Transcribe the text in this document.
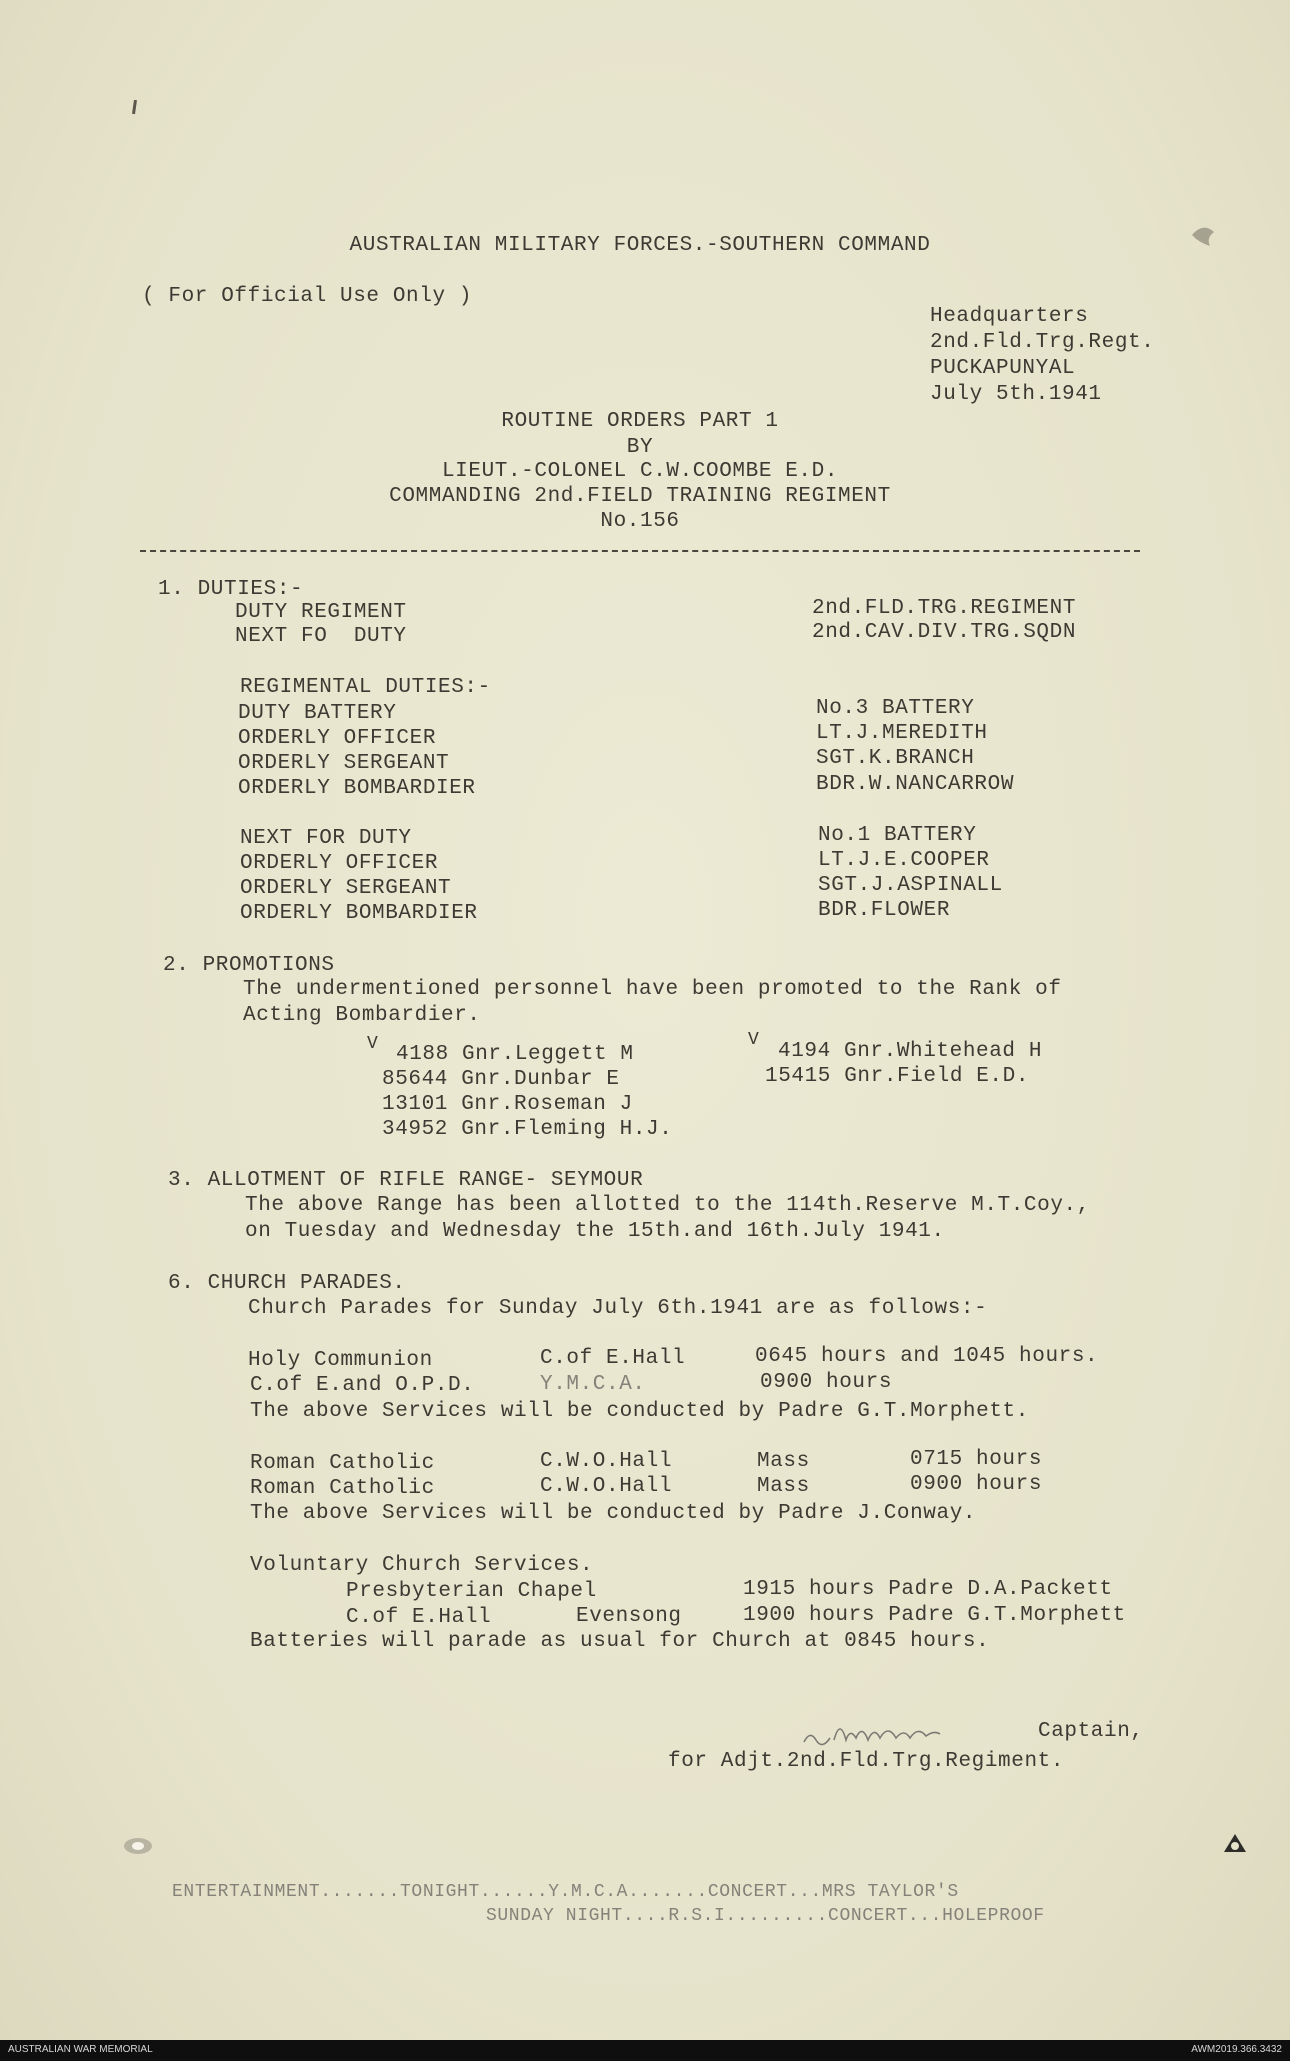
AUSTRALIAN MILITARY FORCES.-SOUTHERN COMMAND
( For Official Use Only )
Headquarters
2nd.Fld.Trg.Regt.
PUCKAPUNYAL
July 5th.1941
ROUTINE ORDERS PART 1
BY
LIEUT.-COLONEL C.W.COOMBE E.D.
COMMANDING 2nd.FIELD TRAINING REGIMENT
No.156
1. DUTIES:-
DUTY REGIMENT	2nd.FLD.TRG.REGIMENT
NEXT FO  DUTY	2nd.CAV.DIV.TRG.SQDN
REGIMENTAL DUTIES:-
DUTY BATTERY	No.3 BATTERY
ORDERLY OFFICER	LT.J.MEREDITH
ORDERLY SERGEANT	SGT.K.BRANCH
ORDERLY BOMBARDIER	BDR.W.NANCARROW
NEXT FOR DUTY	No.1 BATTERY
ORDERLY OFFICER	LT.J.E.COOPER
ORDERLY SERGEANT	SGT.J.ASPINALL
ORDERLY BOMBARDIER	BDR.FLOWER
2. PROMOTIONS
The undermentioned personnel have been promoted to the Rank of
Acting Bombardier.
V 4188 Gnr.Leggett M
85644 Gnr.Dunbar E
13101 Gnr.Roseman J
34952 Gnr.Fleming H.J.
V 4194 Gnr.Whitehead H
15415 Gnr.Field E.D.
3. ALLOTMENT OF RIFLE RANGE- SEYMOUR
The above Range has been allotted to the 114th.Reserve M.T.Coy.,
on Tuesday and Wednesday the 15th.and 16th.July 1941.
6. CHURCH PARADES.
Church Parades for Sunday July 6th.1941 are as follows:-
Holy Communion	C.of E.Hall	0645 hours and 1045 hours.
C.of E.and O.P.D.	Y.M.C.A.	0900 hours
The above Services will be conducted by Padre G.T.Morphett.
Roman Catholic	C.W.O.Hall	Mass	0715 hours
Roman Catholic	C.W.O.Hall	Mass	0900 hours
The above Services will be conducted by Padre J.Conway.
Voluntary Church Services.
Presbyterian Chapel	1915 hours Padre D.A.Packett
C.of E.Hall	Evensong	1900 hours Padre G.T.Morphett
Batteries will parade as usual for Church at 0845 hours.
Captain,
for Adjt.2nd.Fld.Trg.Regiment.
ENTERTAINMENT.......TONIGHT......Y.M.C.A.......CONCERT...MRS TAYLOR'S
SUNDAY NIGHT....R.S.I.........CONCERT...HOLEPROOF
AUSTRALIAN WAR MEMORIAL	AWM2019.366.3432
